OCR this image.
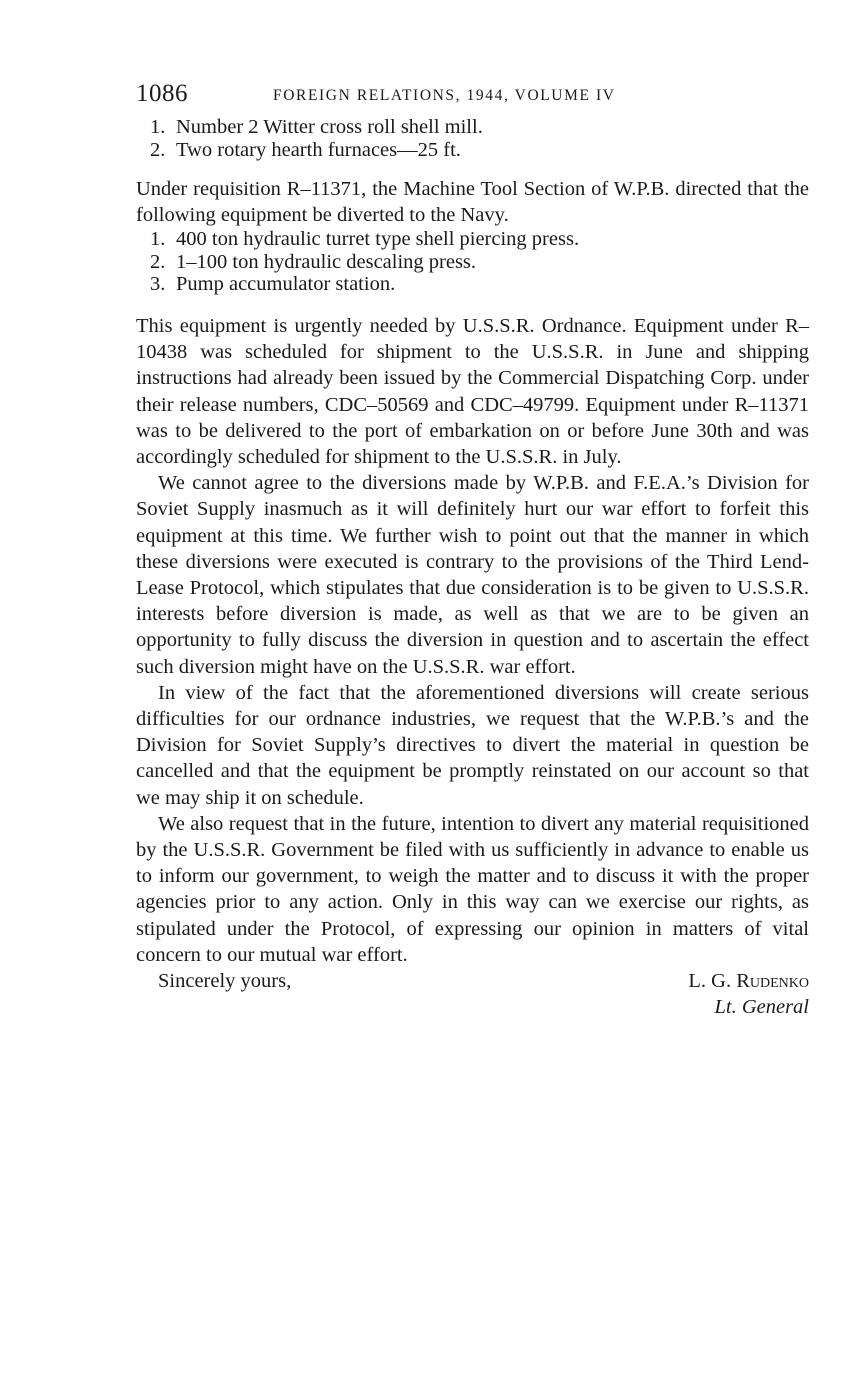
1086	FOREIGN RELATIONS, 1944, VOLUME IV
1. Number 2 Witter cross roll shell mill.
2. Two rotary hearth furnaces—25 ft.

Under requisition R–11371, the Machine Tool Section of W.P.B. directed that the following equipment be diverted to the Navy.

1. 400 ton hydraulic turret type shell piercing press.
2. 1–100 ton hydraulic descaling press.
3. Pump accumulator station.

This equipment is urgently needed by U.S.S.R. Ordnance. Equipment under R–10438 was scheduled for shipment to the U.S.S.R. in June and shipping instructions had already been issued by the Commercial Dispatching Corp. under their release numbers, CDC–50569 and CDC–49799. Equipment under R–11371 was to be delivered to the port of embarkation on or before June 30th and was accordingly scheduled for shipment to the U.S.S.R. in July.

We cannot agree to the diversions made by W.P.B. and F.E.A.’s Division for Soviet Supply inasmuch as it will definitely hurt our war effort to forfeit this equipment at this time. We further wish to point out that the manner in which these diversions were executed is contrary to the provisions of the Third Lend-Lease Protocol, which stipulates that due consideration is to be given to U.S.S.R. interests before diversion is made, as well as that we are to be given an opportunity to fully discuss the diversion in question and to ascertain the effect such diversion might have on the U.S.S.R. war effort.

In view of the fact that the aforementioned diversions will create serious difficulties for our ordnance industries, we request that the W.P.B.’s and the Division for Soviet Supply’s directives to divert the material in question be cancelled and that the equipment be promptly reinstated on our account so that we may ship it on schedule.

We also request that in the future, intention to divert any material requisitioned by the U.S.S.R. Government be filed with us sufficiently in advance to enable us to inform our government, to weigh the matter and to discuss it with the proper agencies prior to any action. Only in this way can we exercise our rights, as stipulated under the Protocol, of expressing our opinion in matters of vital concern to our mutual war effort.

Sincerely yours,	L. G. Rudenko
Lt. General
